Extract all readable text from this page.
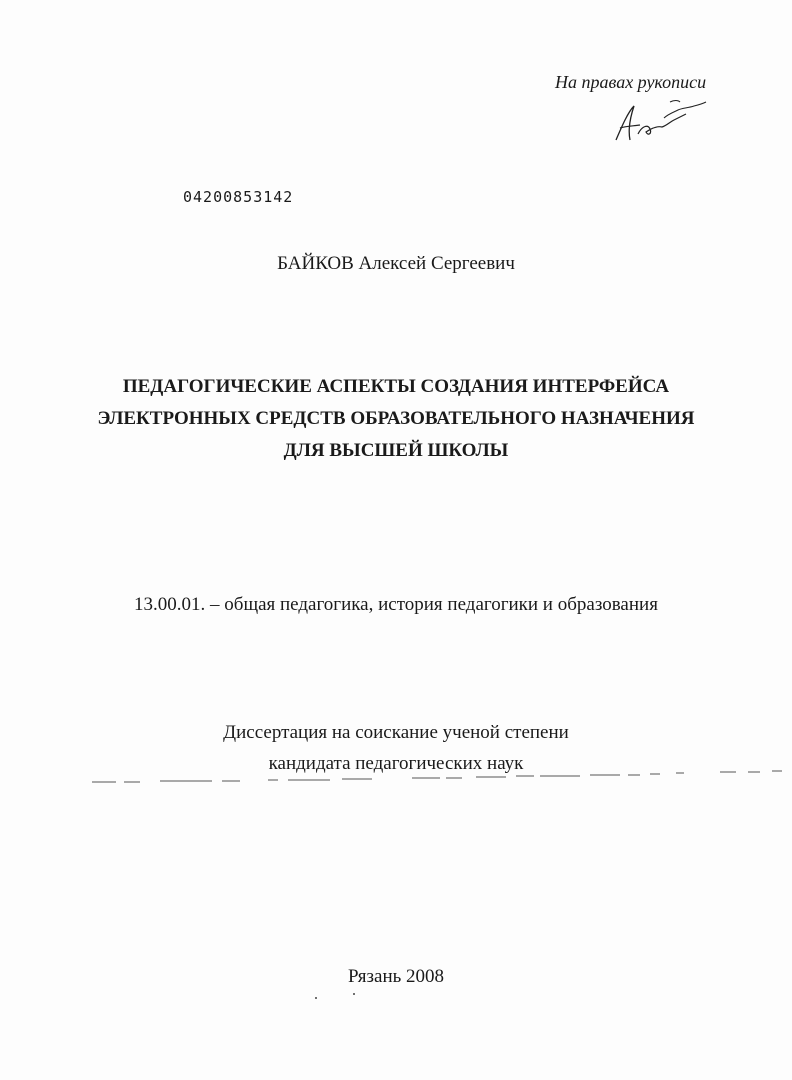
На правах рукописи
04200853142
БАЙКОВ Алексей Сергеевич
ПЕДАГОГИЧЕСКИЕ АСПЕКТЫ СОЗДАНИЯ ИНТЕРФЕЙСА
ЭЛЕКТРОННЫХ СРЕДСТВ ОБРАЗОВАТЕЛЬНОГО НАЗНАЧЕНИЯ
ДЛЯ ВЫСШЕЙ ШКОЛЫ
13.00.01. – общая педагогика, история педагогики и образования
Диссертация на соискание ученой степени
кандидата педагогических наук
Рязань 2008
